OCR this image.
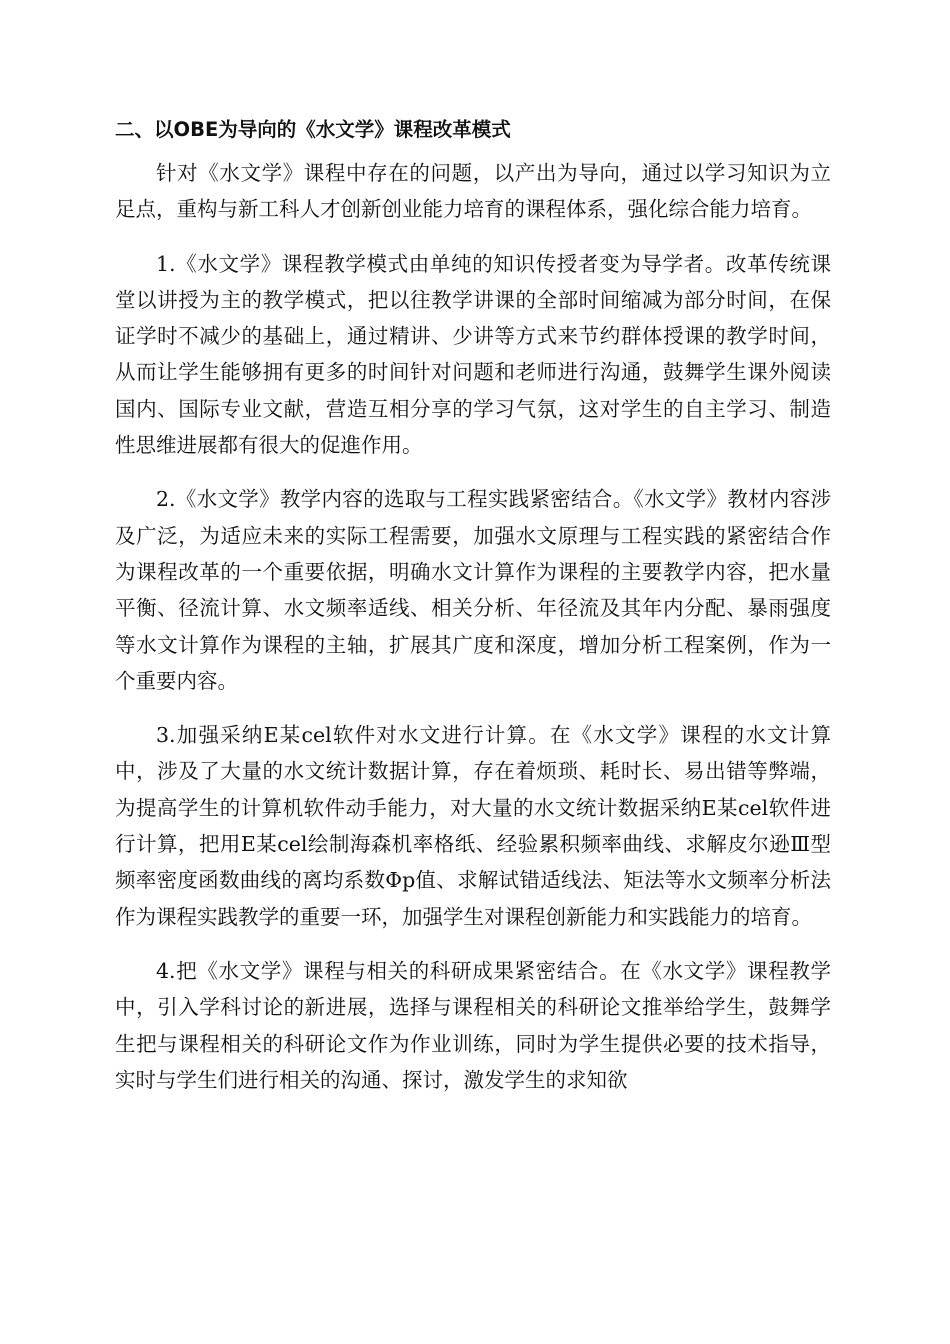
二、以OBE为导向的《水文学》课程改革模式

针对《水文学》课程中存在的问题，以产出为导向，通过以学习知识为立足点，重构与新工科人才创新创业能力培育的课程体系，强化综合能力培育。

1.《水文学》课程教学模式由单纯的知识传授者变为导学者。改革传统课堂以讲授为主的教学模式，把以往教学讲课的全部时间缩减为部分时间，在保证学时不减少的基础上，通过精讲、少讲等方式来节约群体授课的教学时间，从而让学生能够拥有更多的时间针对问题和老师进行沟通，鼓舞学生课外阅读国内、国际专业文献，营造互相分享的学习气氛，这对学生的自主学习、制造性思维进展都有很大的促進作用。

2.《水文学》教学内容的选取与工程实践紧密结合。《水文学》教材内容涉及广泛，为适应未来的实际工程需要，加强水文原理与工程实践的紧密结合作为课程改革的一个重要依据，明确水文计算作为课程的主要教学内容，把水量平衡、径流计算、水文频率适线、相关分析、年径流及其年内分配、暴雨强度等水文计算作为课程的主轴，扩展其广度和深度，增加分析工程案例，作为一个重要内容。

3.加强采纳E某cel软件对水文进行计算。在《水文学》课程的水文计算中，涉及了大量的水文统计数据计算，存在着烦琐、耗时长、易出错等弊端，为提高学生的计算机软件动手能力，对大量的水文统计数据采纳E某cel软件进行计算，把用E某cel绘制海森机率格纸、经验累积频率曲线、求解皮尔逊Ⅲ型频率密度函数曲线的离均系数Φp值、求解试错适线法、矩法等水文频率分析法作为课程实践教学的重要一环，加强学生对课程创新能力和实践能力的培育。

4.把《水文学》课程与相关的科研成果紧密结合。在《水文学》课程教学中，引入学科讨论的新进展，选择与课程相关的科研论文推举给学生，鼓舞学生把与课程相关的科研论文作为作业训练，同时为学生提供必要的技术指导，实时与学生们进行相关的沟通、探讨，激发学生的求知欲
